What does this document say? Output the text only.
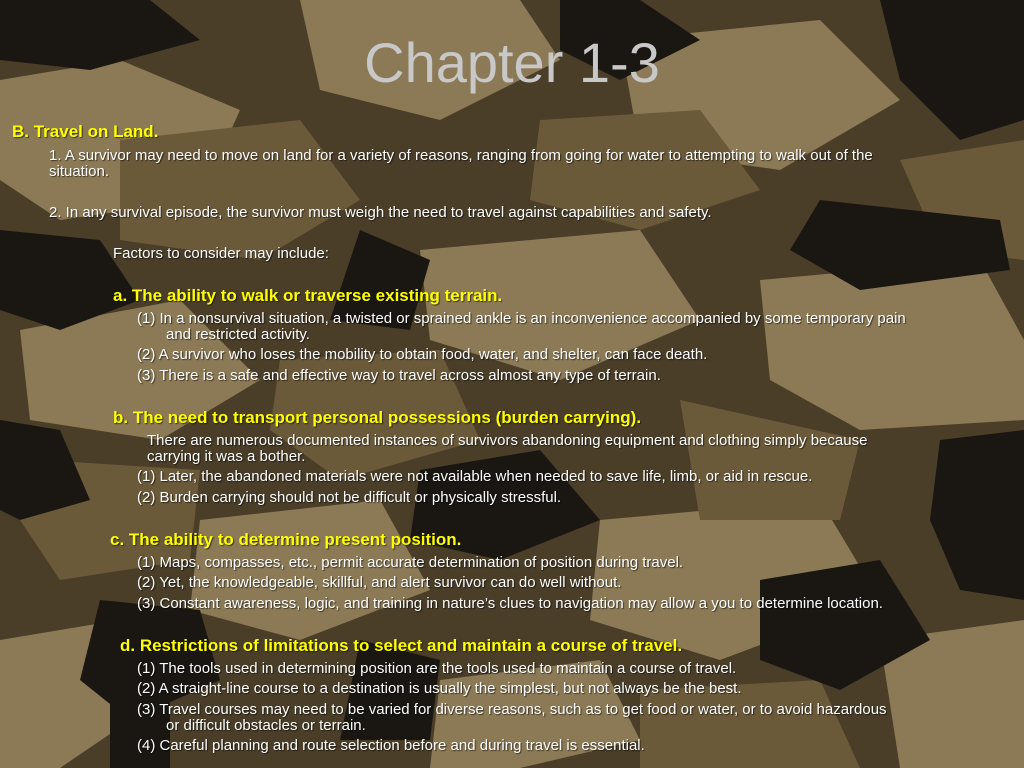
Chapter 1-3
B. Travel on Land.
1. A survivor may need to move on land for a variety of reasons, ranging from going for water to attempting to walk out of the
situation.
2. In any survival episode, the survivor must weigh the need to travel against capabilities and safety.
Factors to consider may include:
a. The ability to walk or traverse existing terrain.
(1) In a nonsurvival situation, a twisted or sprained ankle is an inconvenience accompanied by some temporary pain
and restricted activity.
(2) A survivor who loses the mobility to obtain food, water, and shelter, can face death.
(3) There is a safe and effective way to travel across almost any type of terrain.
b. The need to transport personal possessions (burden carrying).
There are numerous documented instances of survivors abandoning equipment and clothing simply because
carrying it was a bother.
(1) Later, the abandoned materials were not available when needed to save life, limb, or aid in rescue.
(2) Burden carrying should not be difficult or physically stressful.
c. The ability to determine present position.
(1) Maps, compasses, etc., permit accurate determination of position during travel.
(2) Yet, the knowledgeable, skillful, and alert survivor can do well without.
(3) Constant awareness, logic, and training in nature’s clues to navigation may allow a you to determine location.
d. Restrictions of limitations to select and maintain a course of travel.
(1) The tools used in determining position are the tools used to maintain a course of travel.
(2) A straight-line course to a destination is usually the simplest, but not always be the best.
(3) Travel courses may need to be varied for diverse reasons, such as to get food or water, or to avoid hazardous
or difficult obstacles or terrain.
(4) Careful planning and route selection before and during travel is essential.
